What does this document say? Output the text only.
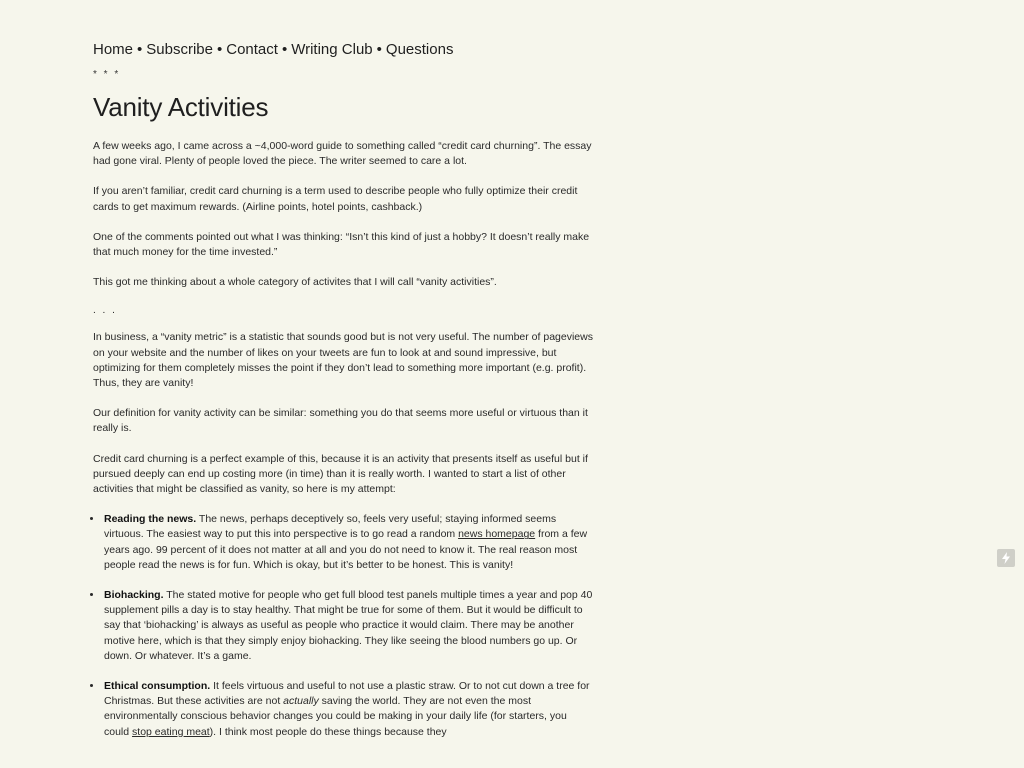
Home • Subscribe • Contact • Writing Club • Questions
* * *
Vanity Activities

A few weeks ago, I came across a ~4,000-word guide to something called “credit card churning”. The essay had gone viral. Plenty of people loved the piece. The writer seemed to care a lot.

If you aren’t familiar, credit card churning is a term used to describe people who fully optimize their credit cards to get maximum rewards. (Airline points, hotel points, cashback.)

One of the comments pointed out what I was thinking: “Isn’t this kind of just a hobby? It doesn’t really make that much money for the time invested.”

This got me thinking about a whole category of activites that I will call “vanity activities”.

. . .

In business, a “vanity metric” is a statistic that sounds good but is not very useful. The number of pageviews on your website and the number of likes on your tweets are fun to look at and sound impressive, but optimizing for them completely misses the point if they don’t lead to something more important (e.g. profit). Thus, they are vanity!

Our definition for vanity activity can be similar: something you do that seems more useful or virtuous than it really is.

Credit card churning is a perfect example of this, because it is an activity that presents itself as useful but if pursued deeply can end up costing more (in time) than it is really worth. I wanted to start a list of other activities that might be classified as vanity, so here is my attempt:

• Reading the news. The news, perhaps deceptively so, feels very useful; staying informed seems virtuous. The easiest way to put this into perspective is to go read a random news homepage from a few years ago. 99 percent of it does not matter at all and you do not need to know it. The real reason most people read the news is for fun. Which is okay, but it’s better to be honest. This is vanity!
• Biohacking. The stated motive for people who get full blood test panels multiple times a year and pop 40 supplement pills a day is to stay healthy. That might be true for some of them. But it would be difficult to say that ‘biohacking’ is always as useful as people who practice it would claim. There may be another motive here, which is that they simply enjoy biohacking. They like seeing the blood numbers go up. Or down. Or whatever. It’s a game.
• Ethical consumption. It feels virtuous and useful to not use a plastic straw. Or to not cut down a tree for Christmas. But these activities are not actually saving the world. They are not even the most environmentally conscious behavior changes you could be making in your daily life (for starters, you could stop eating meat). I think most people do these things because they
